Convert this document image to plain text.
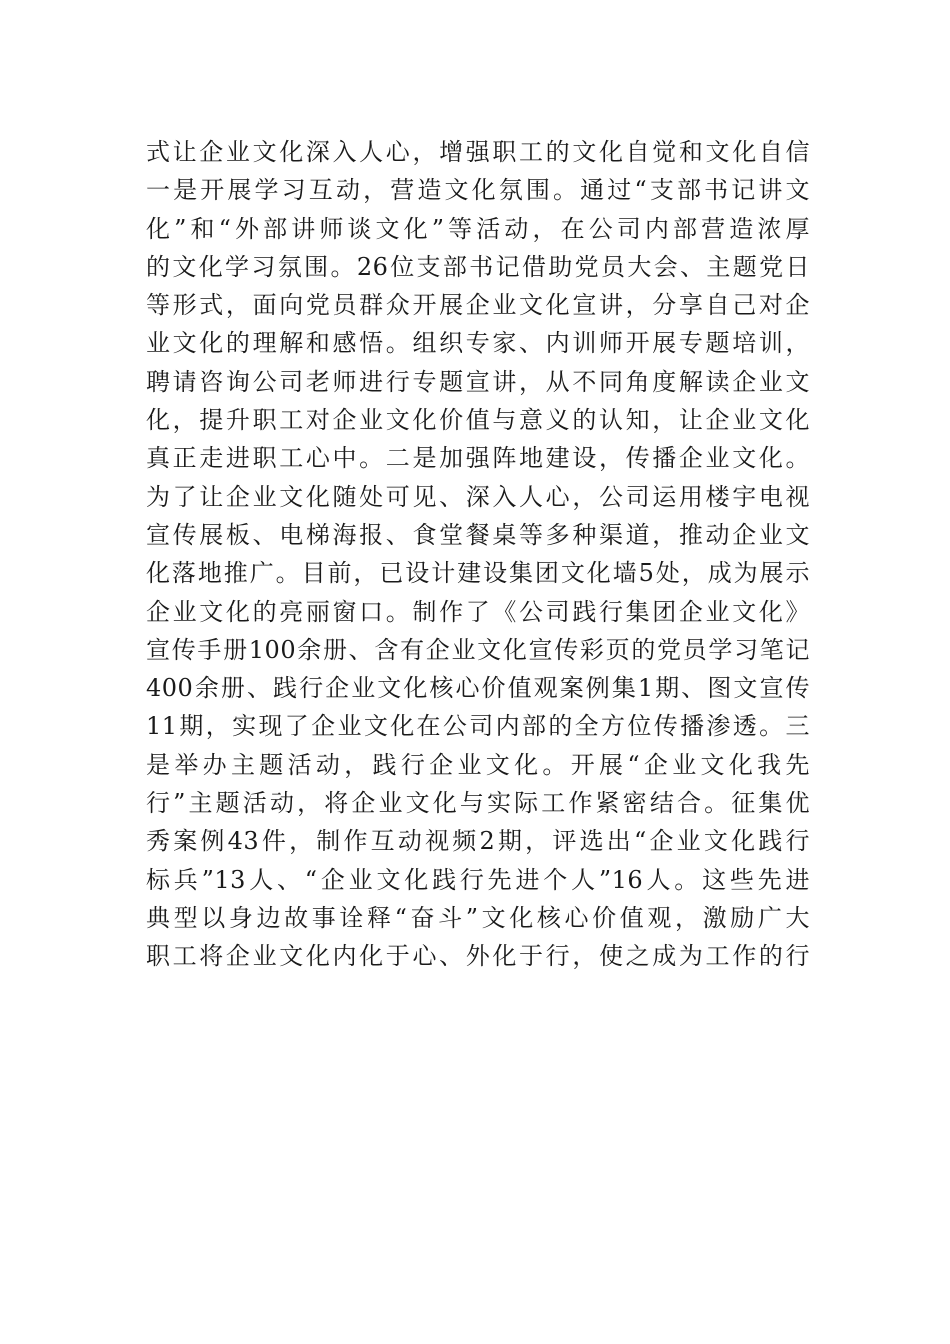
式让企业文化深入人心，增强职工的文化自觉和文化自信
一是开展学习互动，营造文化氛围。通过“支部书记讲文
化”和“外部讲师谈文化”等活动，在公司内部营造浓厚
的文化学习氛围。26位支部书记借助党员大会、主题党日
等形式，面向党员群众开展企业文化宣讲，分享自己对企
业文化的理解和感悟。组织专家、内训师开展专题培训，
聘请咨询公司老师进行专题宣讲，从不同角度解读企业文
化，提升职工对企业文化价值与意义的认知，让企业文化
真正走进职工心中。二是加强阵地建设，传播企业文化。
为了让企业文化随处可见、深入人心，公司运用楼宇电视
宣传展板、电梯海报、食堂餐桌等多种渠道，推动企业文
化落地推广。目前，已设计建设集团文化墙5处，成为展示
企业文化的亮丽窗口。制作了《公司践行集团企业文化》
宣传手册100余册、含有企业文化宣传彩页的党员学习笔记
400余册、践行企业文化核心价值观案例集1期、图文宣传
11期，实现了企业文化在公司内部的全方位传播渗透。三
是举办主题活动，践行企业文化。开展“企业文化我先
行”主题活动，将企业文化与实际工作紧密结合。征集优
秀案例43件，制作互动视频2期，评选出“企业文化践行
标兵”13人、“企业文化践行先进个人”16人。这些先进
典型以身边故事诠释“奋斗”文化核心价值观，激励广大
职工将企业文化内化于心、外化于行，使之成为工作的行
